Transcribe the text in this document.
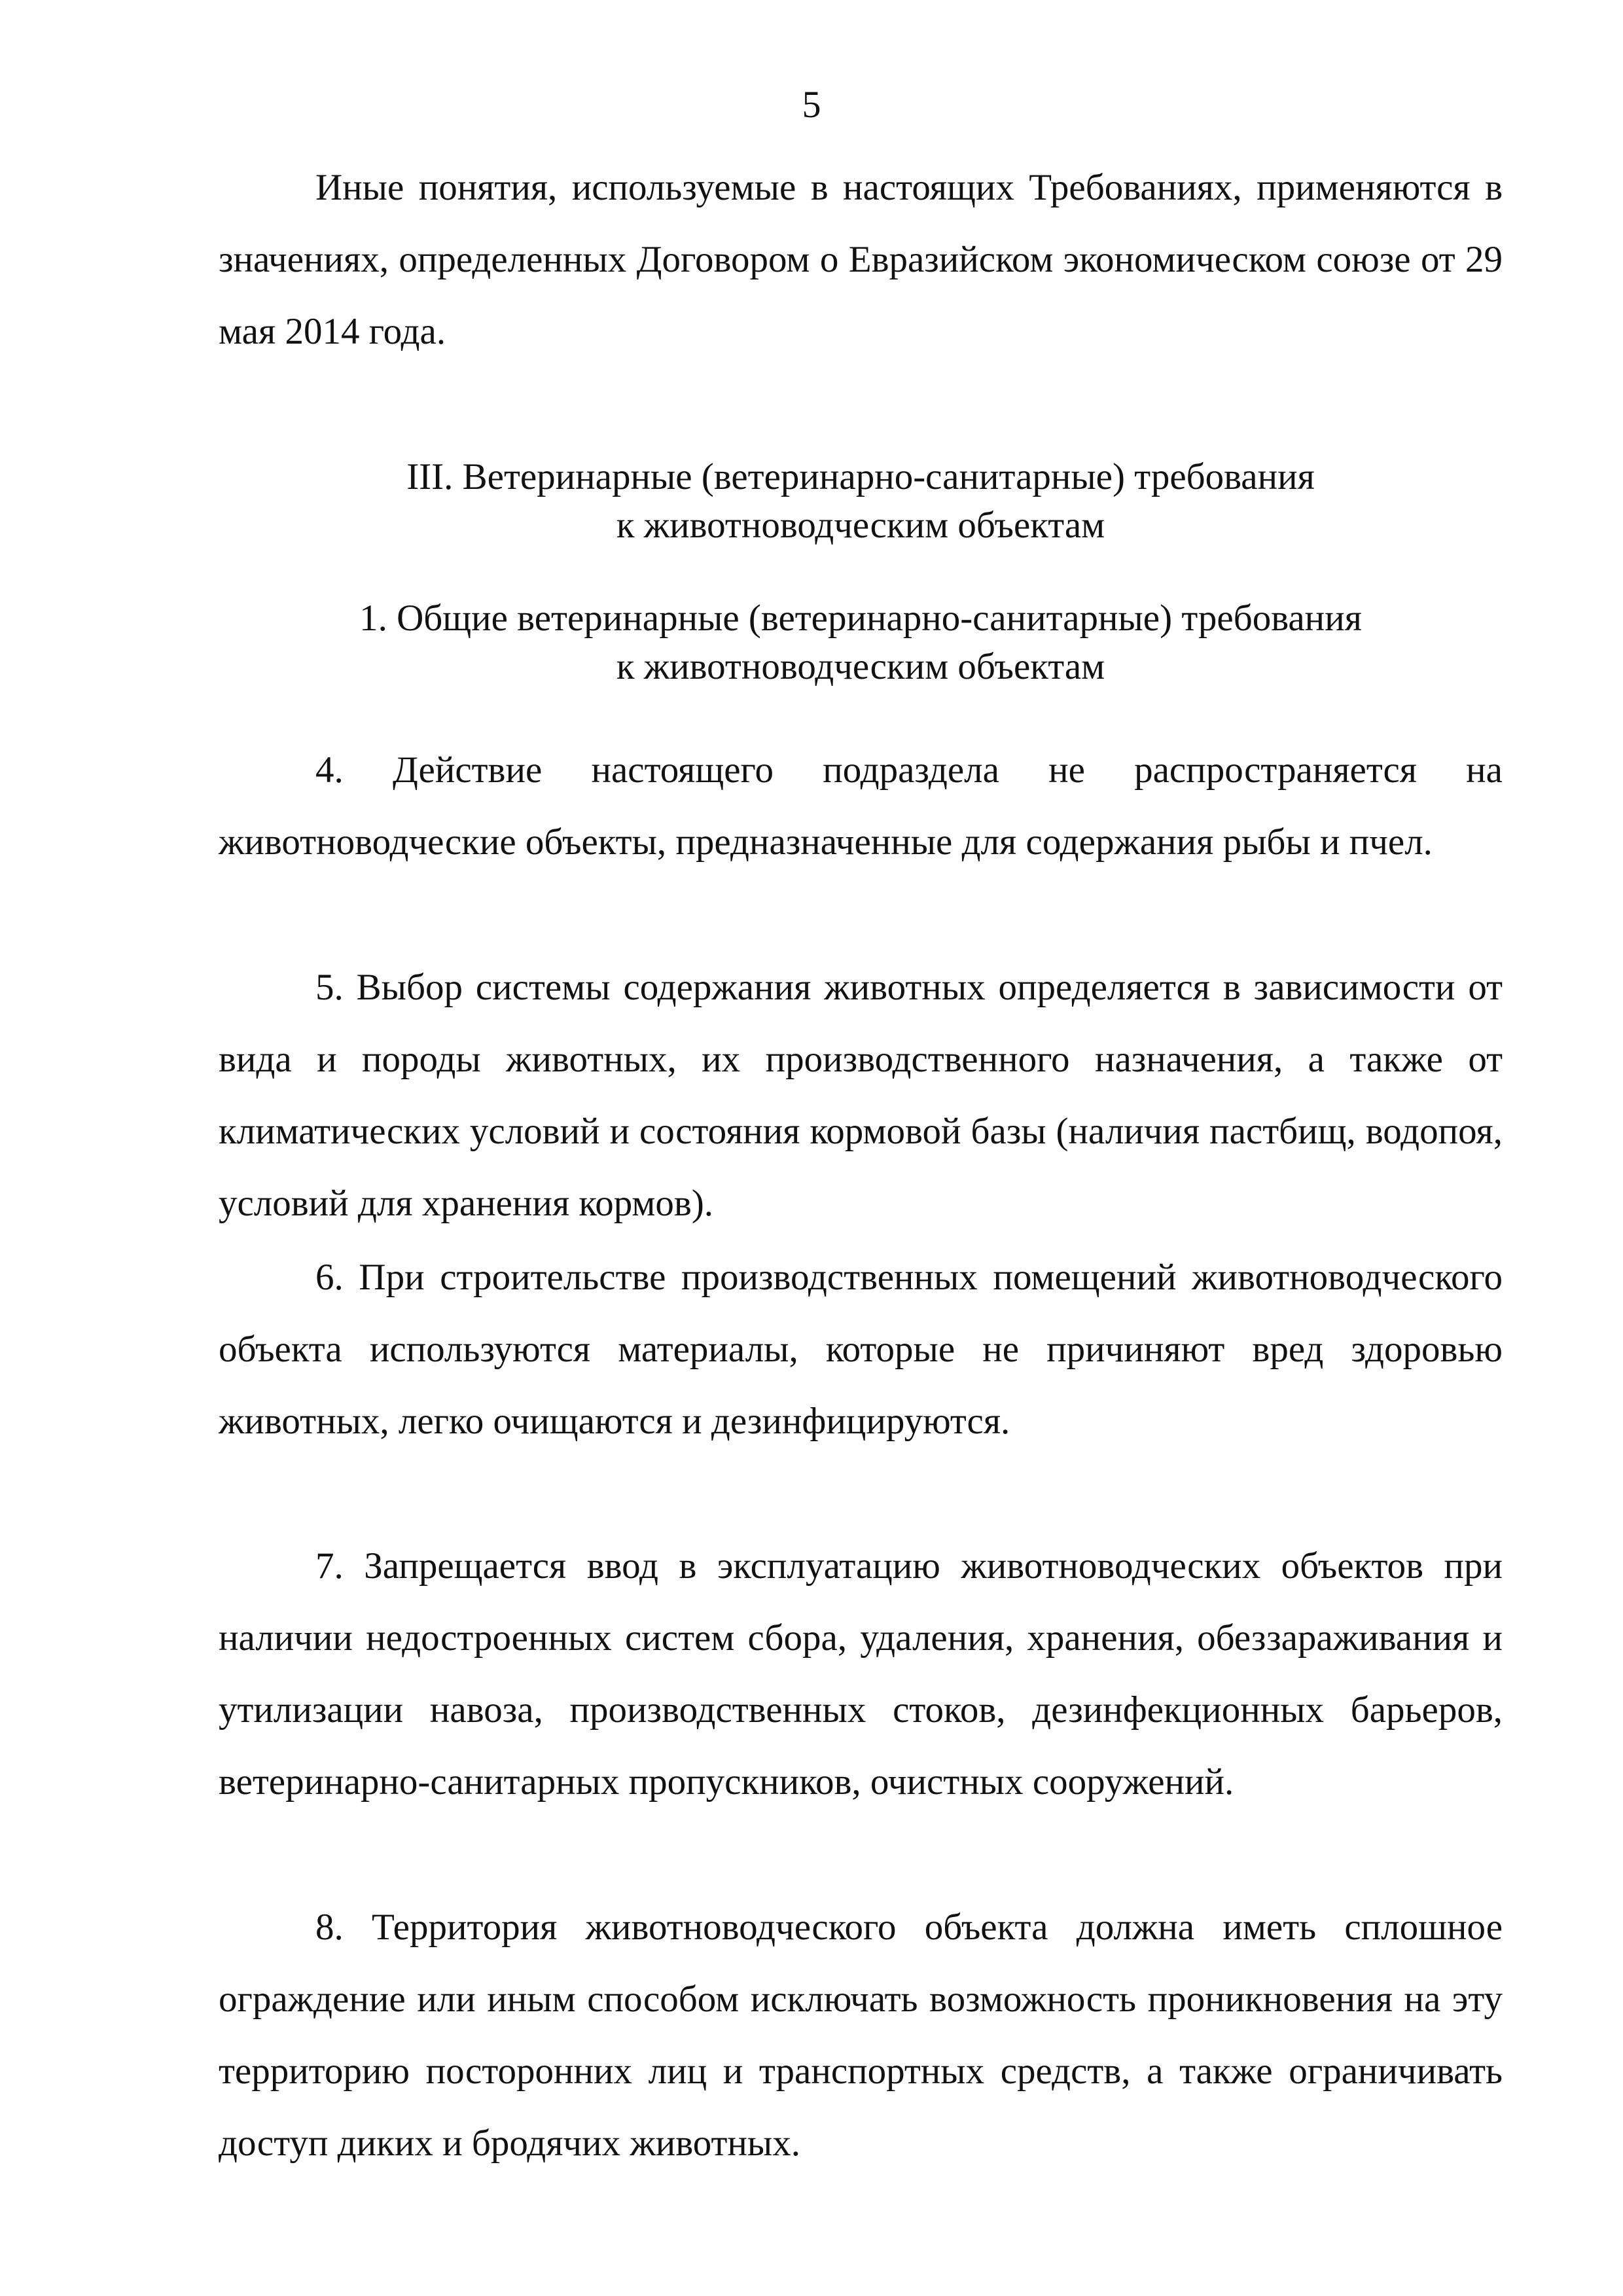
5

Иные понятия, используемые в настоящих Требованиях, применяются в значениях, определенных Договором о Евразийском экономическом союзе от 29 мая 2014 года.

III. Ветеринарные (ветеринарно-санитарные) требования
к животноводческим объектам
1. Общие ветеринарные (ветеринарно-санитарные) требования
к животноводческим объектам

4. Действие настоящего подраздела не распространяется на животноводческие объекты, предназначенные для содержания рыбы и пчел.

5. Выбор системы содержания животных определяется в зависимости от вида и породы животных, их производственного назначения, а также от климатических условий и состояния кормовой базы (наличия пастбищ, водопоя, условий для хранения кормов).

6. При строительстве производственных помещений животноводческого объекта используются материалы, которые не причиняют вред здоровью животных, легко очищаются и дезинфицируются.

7. Запрещается ввод в эксплуатацию животноводческих объектов при наличии недостроенных систем сбора, удаления, хранения, обеззараживания и утилизации навоза, производственных стоков, дезинфекционных барьеров, ветеринарно-санитарных пропускников, очистных сооружений.

8. Территория животноводческого объекта должна иметь сплошное ограждение или иным способом исключать возможность проникновения на эту территорию посторонних лиц и транспортных средств, а также ограничивать доступ диких и бродячих животных.
